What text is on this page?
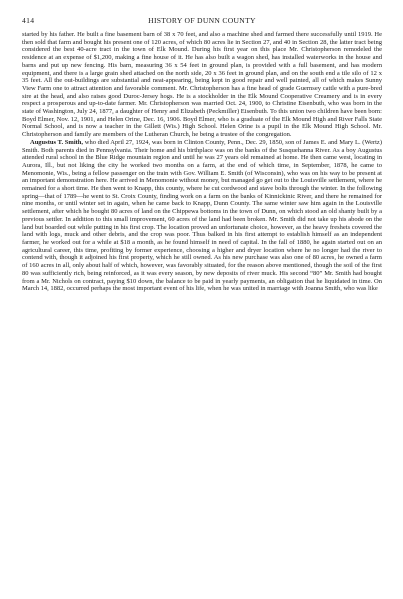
414	HISTORY OF DUNN COUNTY

started by his father. He built a fine basement barn of 38 x 70 feet, and also a machine shed and farmed there successfully until 1919. He then sold that farm and bought his present one of 120 acres, of which 80 acres lie in Section 27, and 40 in Section 28, the latter tract being considered the best 40-acre tract in the town of Elk Mound. During his first year on this place Mr. Christopherson remodeled the residence at an expense of $1,200, making a fine house of it. He has also built a wagon shed, has installed waterworks in the house and barns and put up new fencing. His barn, measuring 36 x 54 feet in ground plan, is provided with a full basement, and has modern equipment, and there is a large grain shed attached on the north side, 20 x 36 feet in ground plan, and on the south end a tile silo of 12 x 35 feet. All the out-buildings are substantial and neat-appearing, being kept in good repair and well painted, all of which makes Sunny View Farm one to attract attention and favorable comment. Mr. Christopherson has a fine head of grade Guernsey cattle with a pure-bred sire at the head, and also raises good Duroc-Jersey hogs. He is a stockholder in the Elk Mound Cooperative Creamery and is in every respect a prosperous and up-to-date farmer. Mr. Christopherson was married Oct. 24, 1900, to Christine Eisenbuth, who was born in the state of Washington, July 24, 1877, a daughter of Henry and Elizabeth (Peckmiller) Eisenbuth. To this union two children have been born: Boyd Elmer, Nov. 12, 1901, and Helen Orine, Dec. 16, 1906. Boyd Elmer, who is a graduate of the Elk Mound High and River Falls State Normal School, and is now a teacher in the Gillett (Wis.) High School. Helen Orine is a pupil in the Elk Mound High School. Mr. Christopherson and family are members of the Lutheran Church, he being a trustee of the congregation.

Augustus T. Smith, who died April 27, 1924, was born in Clinton County, Penn., Dec. 29, 1850, son of James E. and Mary L. (Wertz) Smith. Both parents died in Pennsylvania. Their home and his birthplace was on the banks of the Susquehanna River. As a boy Augustus attended rural school in the Blue Ridge mountain region and until he was 27 years old remained at home. He then came west, locating in Aurora, Ill., but not liking the city he worked two months on a farm, at the end of which time, in September, 1878, he came to Menomonie, Wis., being a fellow passenger on the train with Gov. William E. Smith (of Wisconsin), who was on his way to be present at an important demonstration here. He arrived in Menomonie without money, but managed go get out to the Louisville settlement, where he remained for a short time. He then went to Knapp, this county, where he cut cordwood and stave bolts through the winter. In the following spring—that of 1789—he went to St. Croix County, finding work on a farm on the banks of Kinnickinic River, and there he remained for nine months, or until winter set in again, when he came back to Knapp, Dunn County. The same winter saw him again in the Louisville settlement, after which he bought 80 acres of land on the Chippewa bottoms in the town of Dunn, on which stood an old shanty built by a previous settler. In addition to this small improvement, 60 acres of the land had been broken. Mr. Smith did not take up his abode on the land but boarded out while putting in his first crop. The location proved an unfortunate choice, however, as the heavy freshets covered the land with logs, muck and other debris, and the crop was poor. Thus balked in his first attempt to establish himself as an independent farmer, he worked out for a while at $18 a month, as he found himself in need of capital. In the fall of 1880, he again started out on an agricultural career, this time, profiting by former experience, choosing a higher and dryer location where he no longer had the river to contend with, though it adjoined his first property, which he still owned. As his new purchase was also one of 80 acres, he owned a farm of 160 acres in all, only about half of which, however, was favorably situated, for the reason above mentioned, though the soil of the first 80 was sufficiently rich, being reinforced, as it was every season, by new deposits of river muck. His second “80” Mr. Smith had bought from a Mr. Nichols on contract, paying $10 down, the balance to be paid in yearly payments, an obligation that he liquidated in time. On March 14, 1882, occurred perhaps the most important event of his life, when he was united in marriage with Joanna Smith, who was like
